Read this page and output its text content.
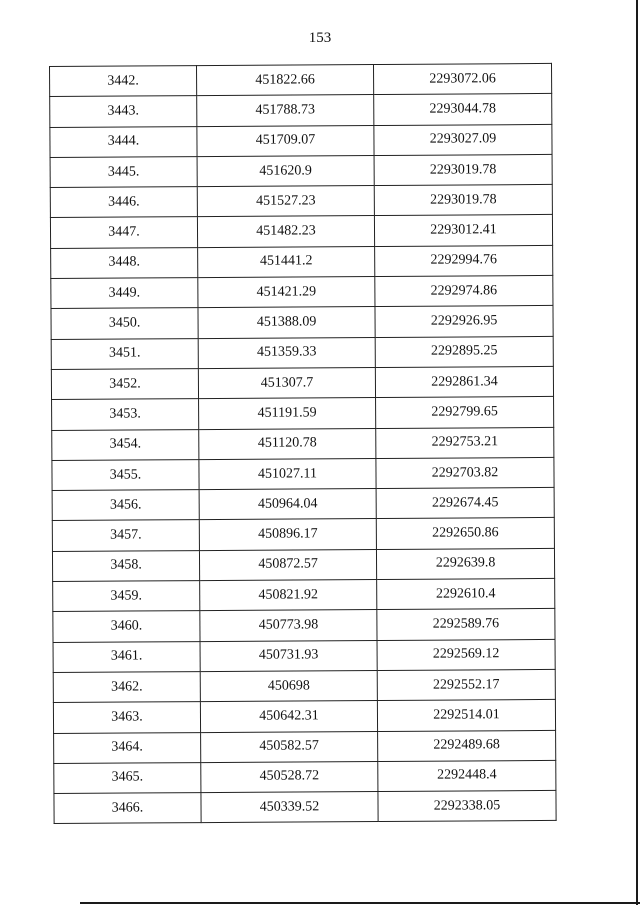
153
3442.	451822.66	2293072.06
3443.	451788.73	2293044.78
3444.	451709.07	2293027.09
3445.	451620.9	2293019.78
3446.	451527.23	2293019.78
3447.	451482.23	2293012.41
3448.	451441.2	2292994.76
3449.	451421.29	2292974.86
3450.	451388.09	2292926.95
3451.	451359.33	2292895.25
3452.	451307.7	2292861.34
3453.	451191.59	2292799.65
3454.	451120.78	2292753.21
3455.	451027.11	2292703.82
3456.	450964.04	2292674.45
3457.	450896.17	2292650.86
3458.	450872.57	2292639.8
3459.	450821.92	2292610.4
3460.	450773.98	2292589.76
3461.	450731.93	2292569.12
3462.	450698	2292552.17
3463.	450642.31	2292514.01
3464.	450582.57	2292489.68
3465.	450528.72	2292448.4
3466.	450339.52	2292338.05
